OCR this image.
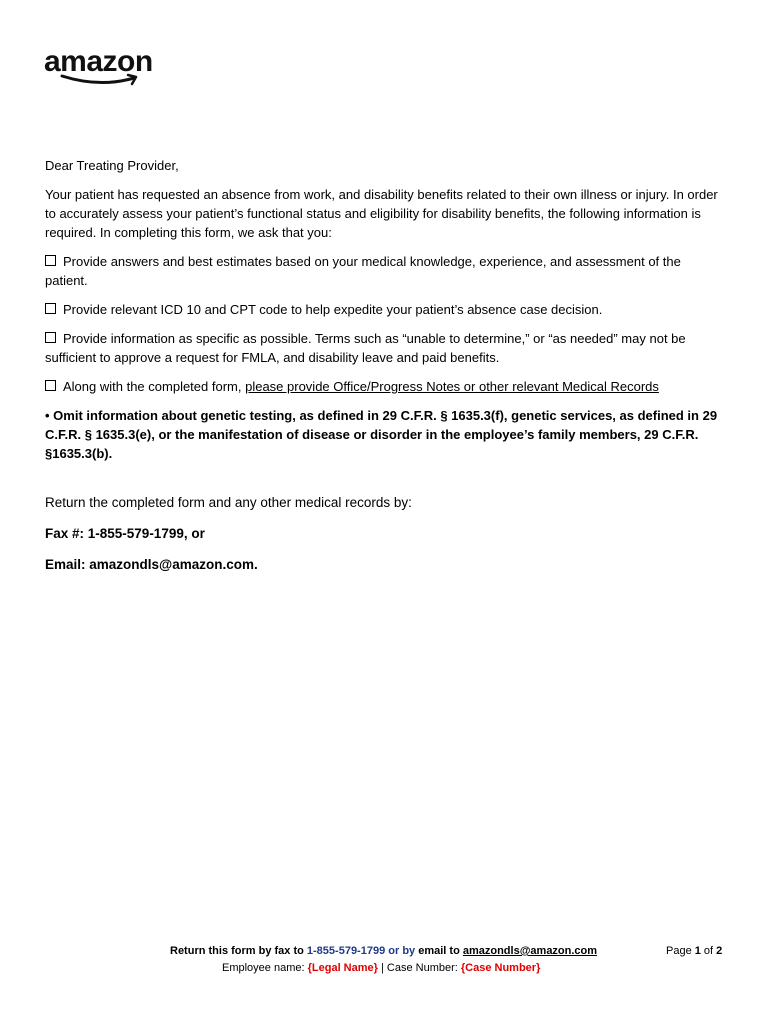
amazon

Dear Treating Provider,

Your patient has requested an absence from work, and disability benefits related to their own illness or injury. In order to accurately assess your patient’s functional status and eligibility for disability benefits, the following information is required. In completing this form, we ask that you:

Provide answers and best estimates based on your medical knowledge, experience, and assessment of the patient.

Provide relevant ICD 10 and CPT code to help expedite your patient’s absence case decision.

Provide information as specific as possible. Terms such as “unable to determine,” or “as needed” may not be sufficient to approve a request for FMLA, and disability leave and paid benefits.

Along with the completed form, please provide Office/Progress Notes or other relevant Medical Records

• Omit information about genetic testing, as defined in 29 C.F.R. § 1635.3(f), genetic services, as defined in 29 C.F.R. § 1635.3(e), or the manifestation of disease or disorder in the employee’s family members, 29 C.F.R. §1635.3(b).

Return the completed form and any other medical records by:

Fax #: 1-855-579-1799, or

Email: amazondls@amazon.com.

Return this form by fax to 1-855-579-1799 or by email to amazondls@amazon.com
Employee name: {Legal Name} | Case Number: {Case Number}
Page 1 of 2
